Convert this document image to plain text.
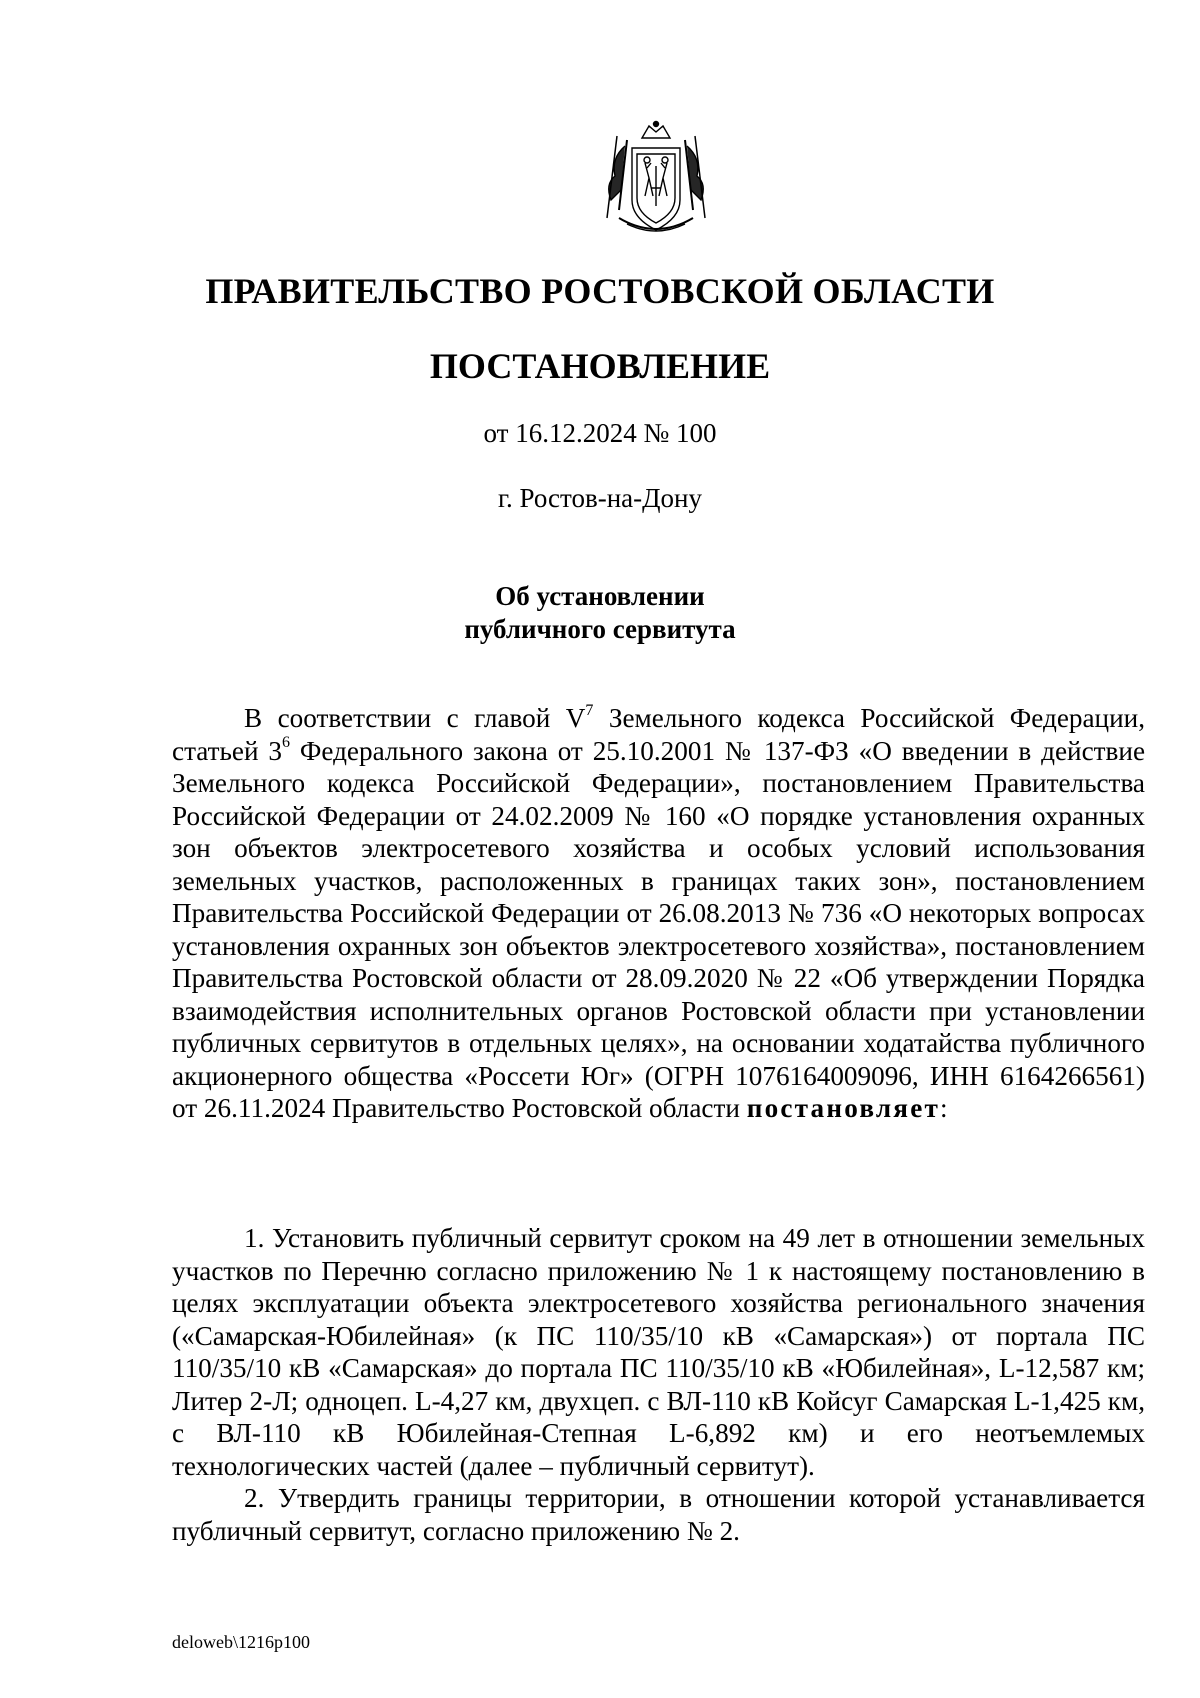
ПРАВИТЕЛЬСТВО РОСТОВСКОЙ ОБЛАСТИ
ПОСТАНОВЛЕНИЕ
от 16.12.2024 № 100
г. Ростов-на-Дону
Об установлении
публичного сервитута

В соответствии с главой $V^7$ Земельного кодекса Российской Федерации, статьей $3^6$ Федерального закона от 25.10.2001 № 137-ФЗ «О введении в действие Земельного кодекса Российской Федерации», постановлением Правительства Российской Федерации от 24.02.2009 № 160 «О порядке установления охранных зон объектов электросетевого хозяйства и особых условий использования земельных участков, расположенных в границах таких зон», постановлением Правительства Российской Федерации от 26.08.2013 № 736 «О некоторых вопросах установления охранных зон объектов электросетевого хозяйства», постановлением Правительства Ростовской области от 28.09.2020 № 22 «Об утверждении Порядка взаимодействия исполнительных органов Ростовской области при установлении публичных сервитутов в отдельных целях», на основании ходатайства публичного акционерного общества «Россети Юг» (ОГРН 1076164009096, ИНН 6164266561) от 26.11.2024 Правительство Ростовской области постановляет:

1. Установить публичный сервитут сроком на 49 лет в отношении земельных участков по Перечню согласно приложению № 1 к настоящему постановлению в целях эксплуатации объекта электросетевого хозяйства регионального значения («Самарская-Юбилейная» (к ПС 110/35/10 кВ «Самарская») от портала ПС 110/35/10 кВ «Самарская» до портала ПС 110/35/10 кВ «Юбилейная», L-12,587 км; Литер 2-Л; одноцеп. L-4,27 км, двухцеп. с ВЛ-110 кВ Койсуг Самарская L-1,425 км, с ВЛ-110 кВ Юбилейная-Степная L-6,892 км) и его неотъемлемых технологических частей (далее – публичный сервитут).

2. Утвердить границы территории, в отношении которой устанавливается публичный сервитут, согласно приложению № 2.

deloweb\1216p100
